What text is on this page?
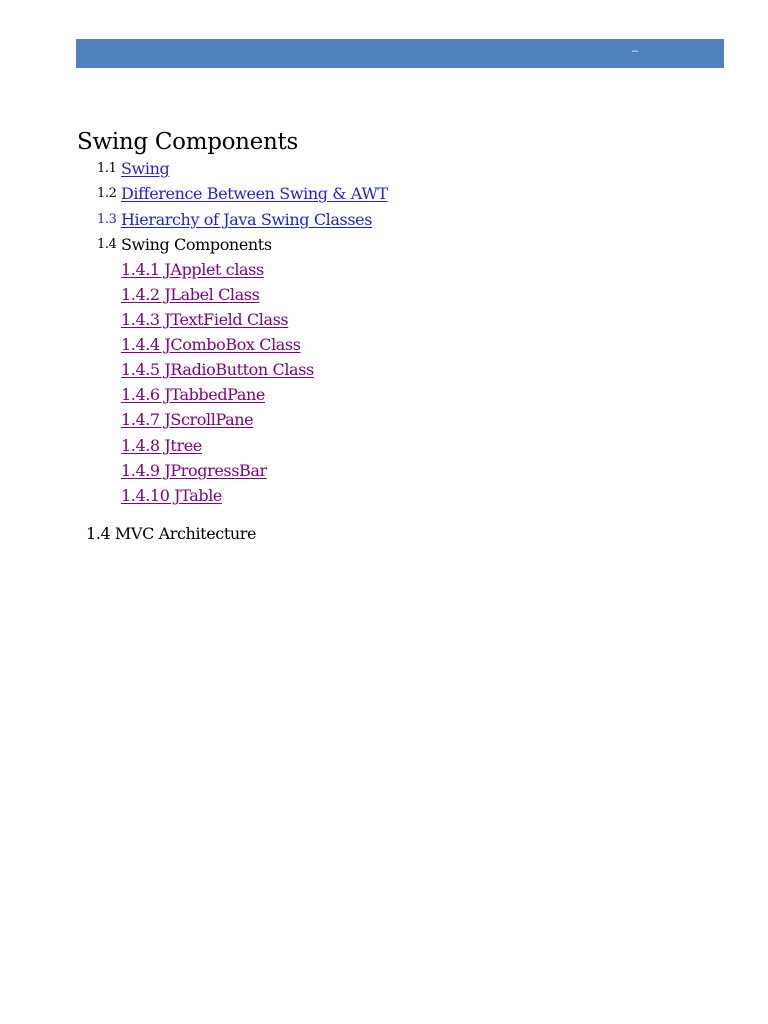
–
Swing Components
1.1 Swing
1.2 Difference Between Swing & AWT
1.3 Hierarchy of Java Swing Classes
1.4 Swing Components
1.4.1 JApplet class
1.4.2 JLabel Class
1.4.3 JTextField Class
1.4.4 JComboBox Class
1.4.5 JRadioButton Class
1.4.6 JTabbedPane
1.4.7 JScrollPane
1.4.8 Jtree
1.4.9 JProgressBar
1.4.10 JTable
1.4 MVC Architecture
